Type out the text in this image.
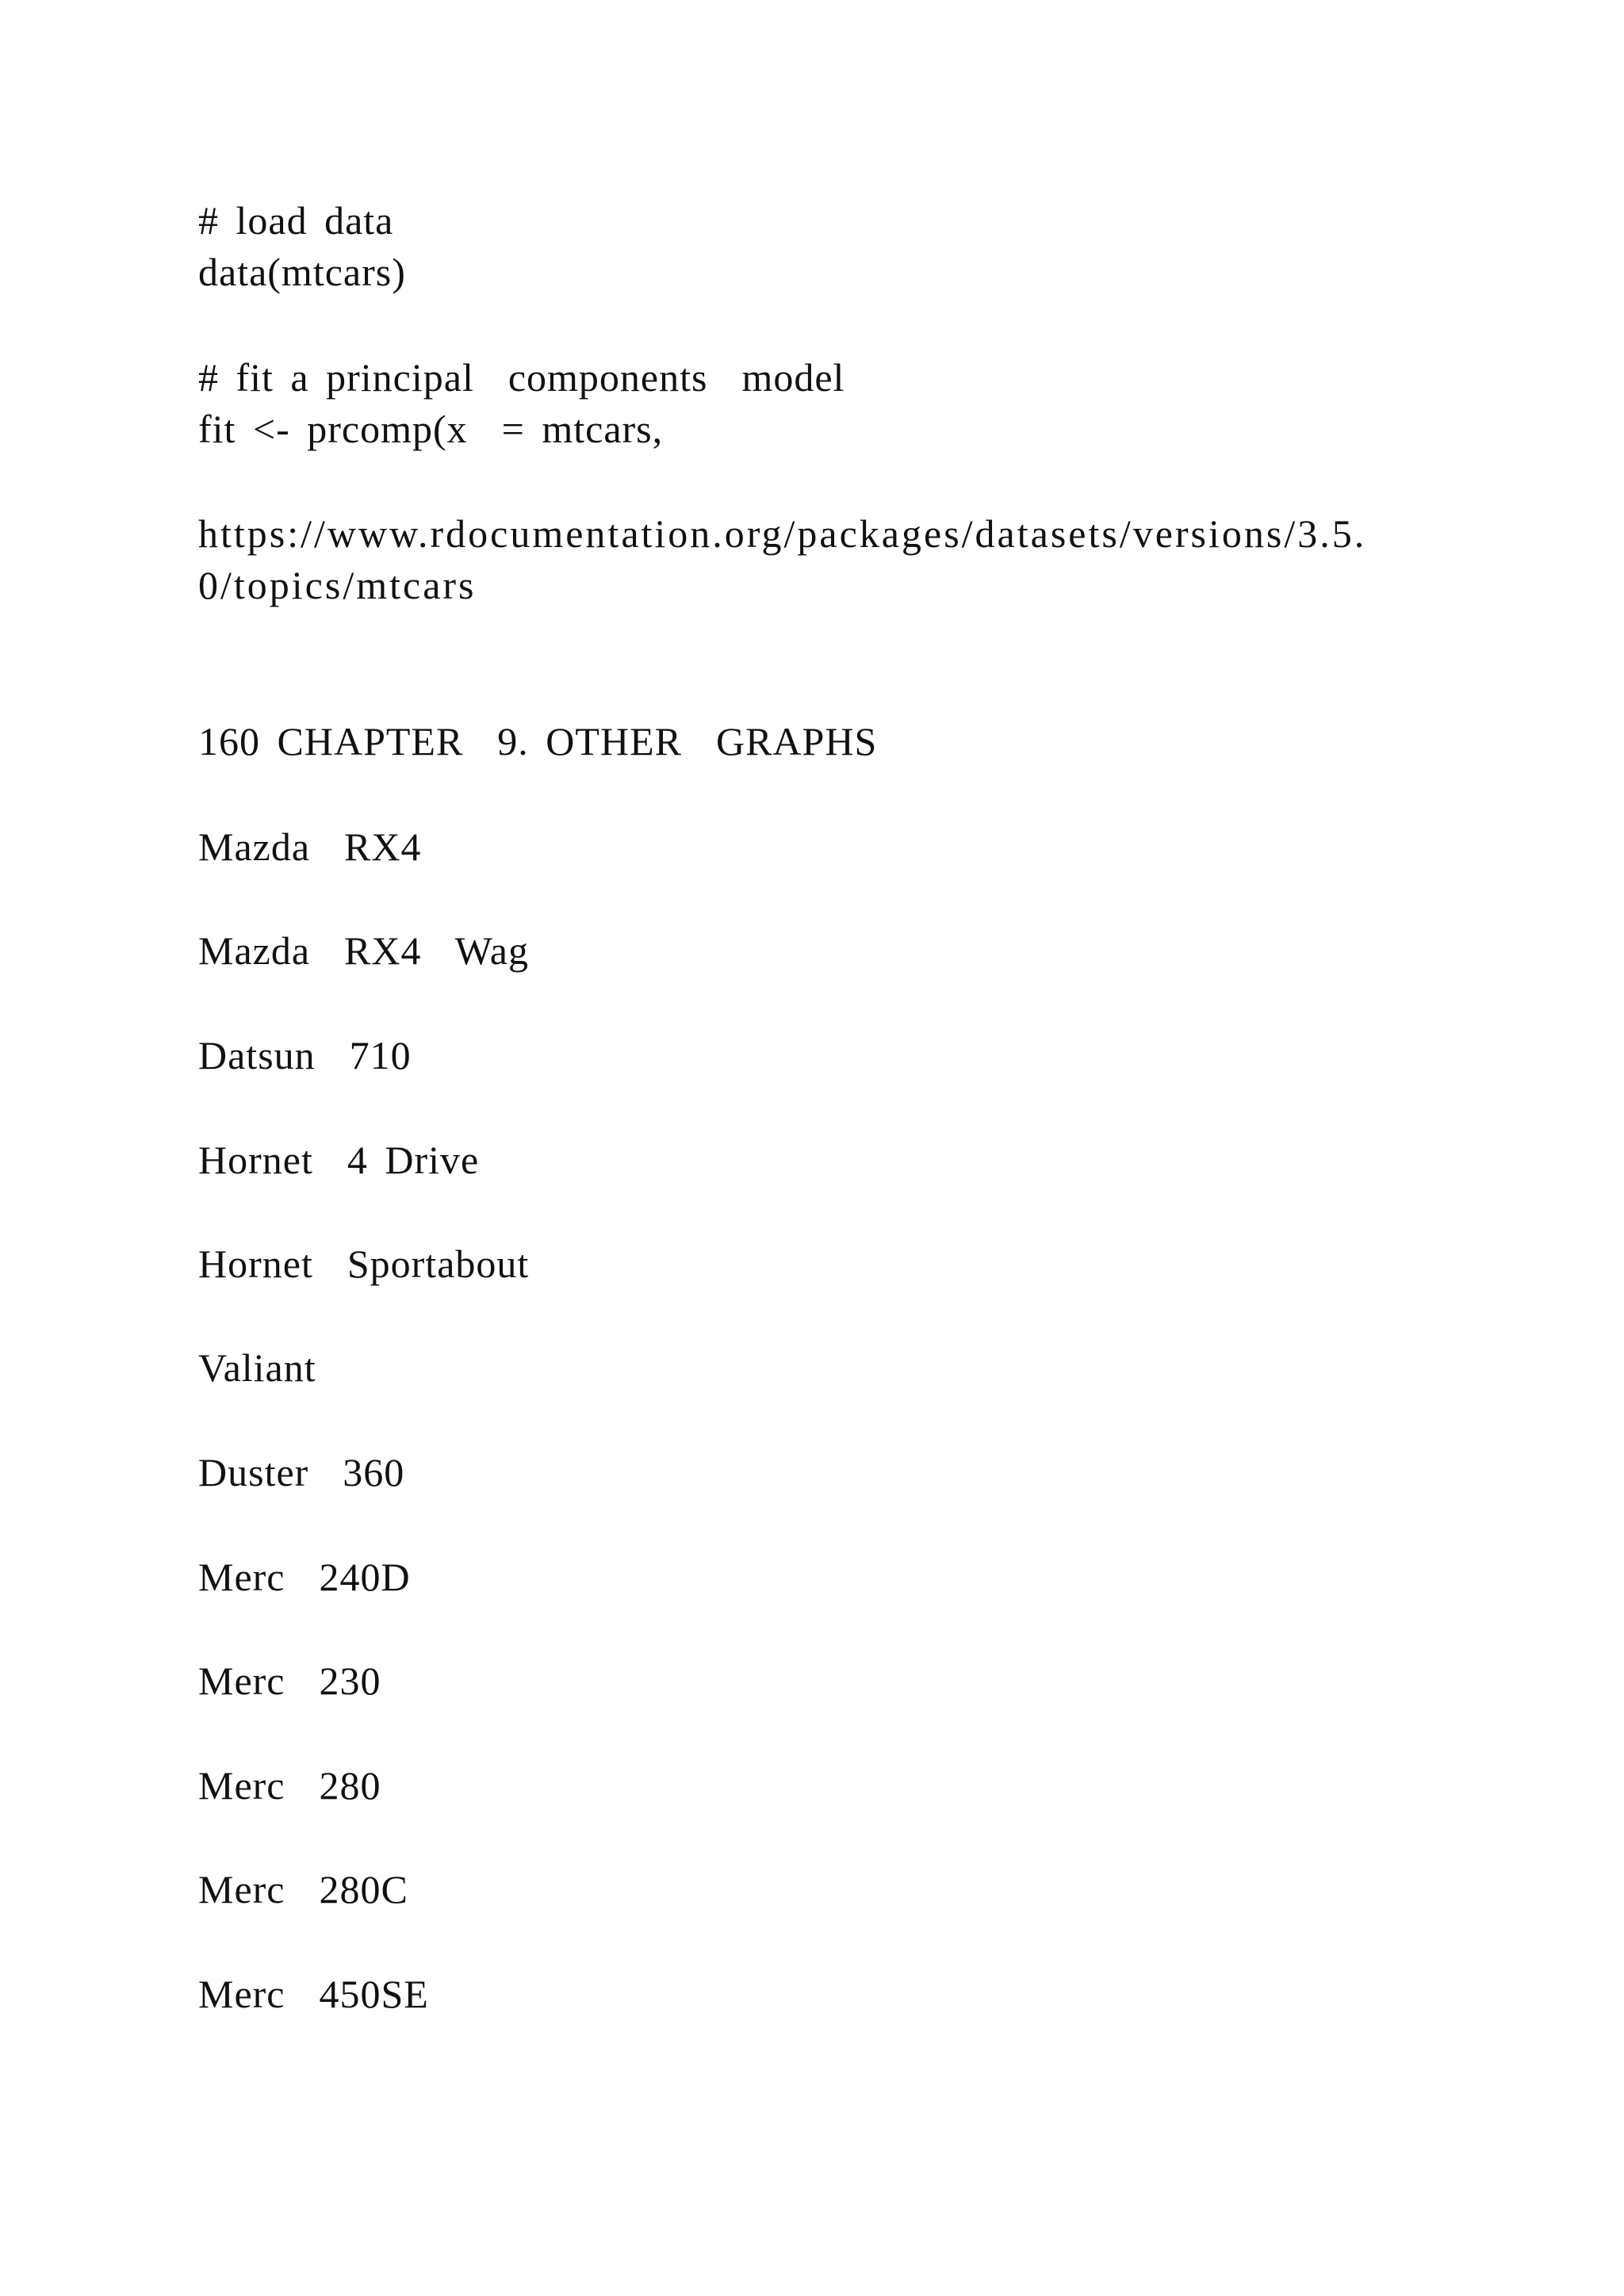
# load data
data(mtcars)
# fit a principal  components  model
fit <- prcomp(x  = mtcars,
https://www.rdocumentation.org/packages/datasets/versions/3.5.
0/topics/mtcars
160 CHAPTER  9. OTHER  GRAPHS
Mazda  RX4
Mazda  RX4  Wag
Datsun  710
Hornet  4 Drive
Hornet  Sportabout
Valiant
Duster  360
Merc  240D
Merc  230
Merc  280
Merc  280C
Merc  450SE
